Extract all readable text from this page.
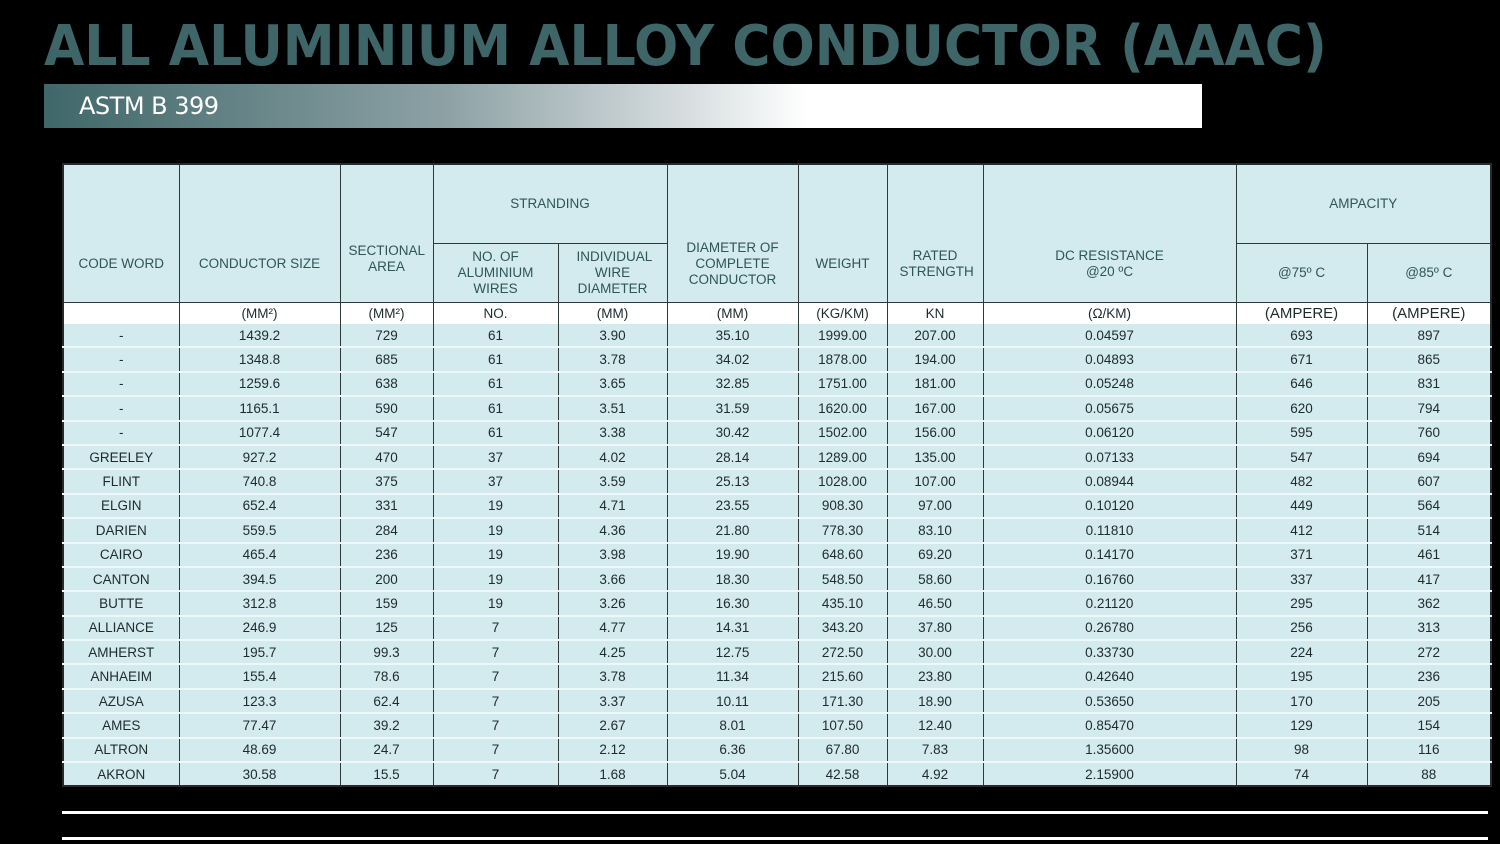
ALL ALUMINIUM ALLOY CONDUCTOR (AAAC)
ASTM B 399
CODE WORD	CONDUCTOR SIZE	SECTIONAL AREA	STRANDING		DIAMETER OF COMPLETE CONDUCTOR	WEIGHT	RATED STRENGTH	DC RESISTANCE @20 ºC	AMPACITY	
			NO. OF ALUMINIUM WIRES	INDIVIDUAL WIRE DIAMETER					@75º C	@85º C
	(MM²)	(MM²)	NO.	(MM)	(MM)	(KG/KM)	KN	(Ω/KM)	(AMPERE)	(AMPERE)
-	1439.2	729	61	3.90	35.10	1999.00	207.00	0.04597	693	897
-	1348.8	685	61	3.78	34.02	1878.00	194.00	0.04893	671	865
-	1259.6	638	61	3.65	32.85	1751.00	181.00	0.05248	646	831
-	1165.1	590	61	3.51	31.59	1620.00	167.00	0.05675	620	794
-	1077.4	547	61	3.38	30.42	1502.00	156.00	0.06120	595	760
GREELEY	927.2	470	37	4.02	28.14	1289.00	135.00	0.07133	547	694
FLINT	740.8	375	37	3.59	25.13	1028.00	107.00	0.08944	482	607
ELGIN	652.4	331	19	4.71	23.55	908.30	97.00	0.10120	449	564
DARIEN	559.5	284	19	4.36	21.80	778.30	83.10	0.11810	412	514
CAIRO	465.4	236	19	3.98	19.90	648.60	69.20	0.14170	371	461
CANTON	394.5	200	19	3.66	18.30	548.50	58.60	0.16760	337	417
BUTTE	312.8	159	19	3.26	16.30	435.10	46.50	0.21120	295	362
ALLIANCE	246.9	125	7	4.77	14.31	343.20	37.80	0.26780	256	313
AMHERST	195.7	99.3	7	4.25	12.75	272.50	30.00	0.33730	224	272
ANHAEIM	155.4	78.6	7	3.78	11.34	215.60	23.80	0.42640	195	236
AZUSA	123.3	62.4	7	3.37	10.11	171.30	18.90	0.53650	170	205
AMES	77.47	39.2	7	2.67	8.01	107.50	12.40	0.85470	129	154
ALTRON	48.69	24.7	7	2.12	6.36	67.80	7.83	1.35600	98	116
AKRON	30.58	15.5	7	1.68	5.04	42.58	4.92	2.15900	74	88
